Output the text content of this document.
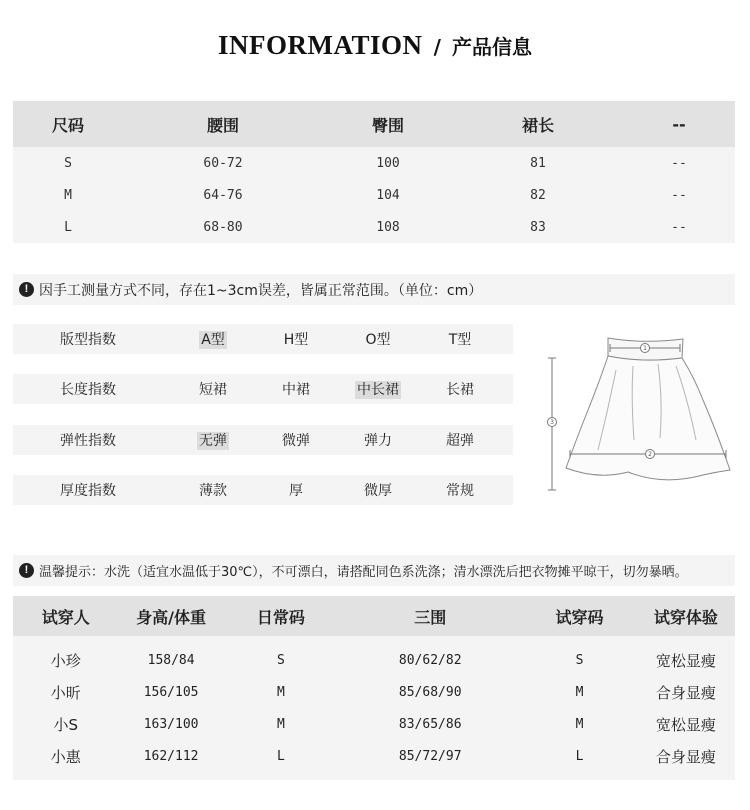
INFORMATION / 产品信息
尺码	腰围	臀围	裙长	--
S	60-72	100	81	--
M	64-76	104	82	--
L	68-80	108	83	--
! 因手工测量方式不同，存在1~3cm误差，皆属正常范围。（单位：cm）
版型指数	A型	H型	O型	T型
长度指数	短裙	中裙	中长裙	长裙
弹性指数	无弹	微弹	弹力	超弹
厚度指数	薄款	厚	微厚	常规
1
2
3
! 温馨提示：水洗（适宜水温低于30℃），不可漂白，请搭配同色系洗涤；清水漂洗后把衣物摊平晾干，切勿暴晒。
试穿人	身高/体重	日常码	三围	试穿码	试穿体验
小珍	158/84	S	80/62/82	S	宽松显瘦
小昕	156/105	M	85/68/90	M	合身显瘦
小S	163/100	M	83/65/86	M	宽松显瘦
小惠	162/112	L	85/72/97	L	合身显瘦
